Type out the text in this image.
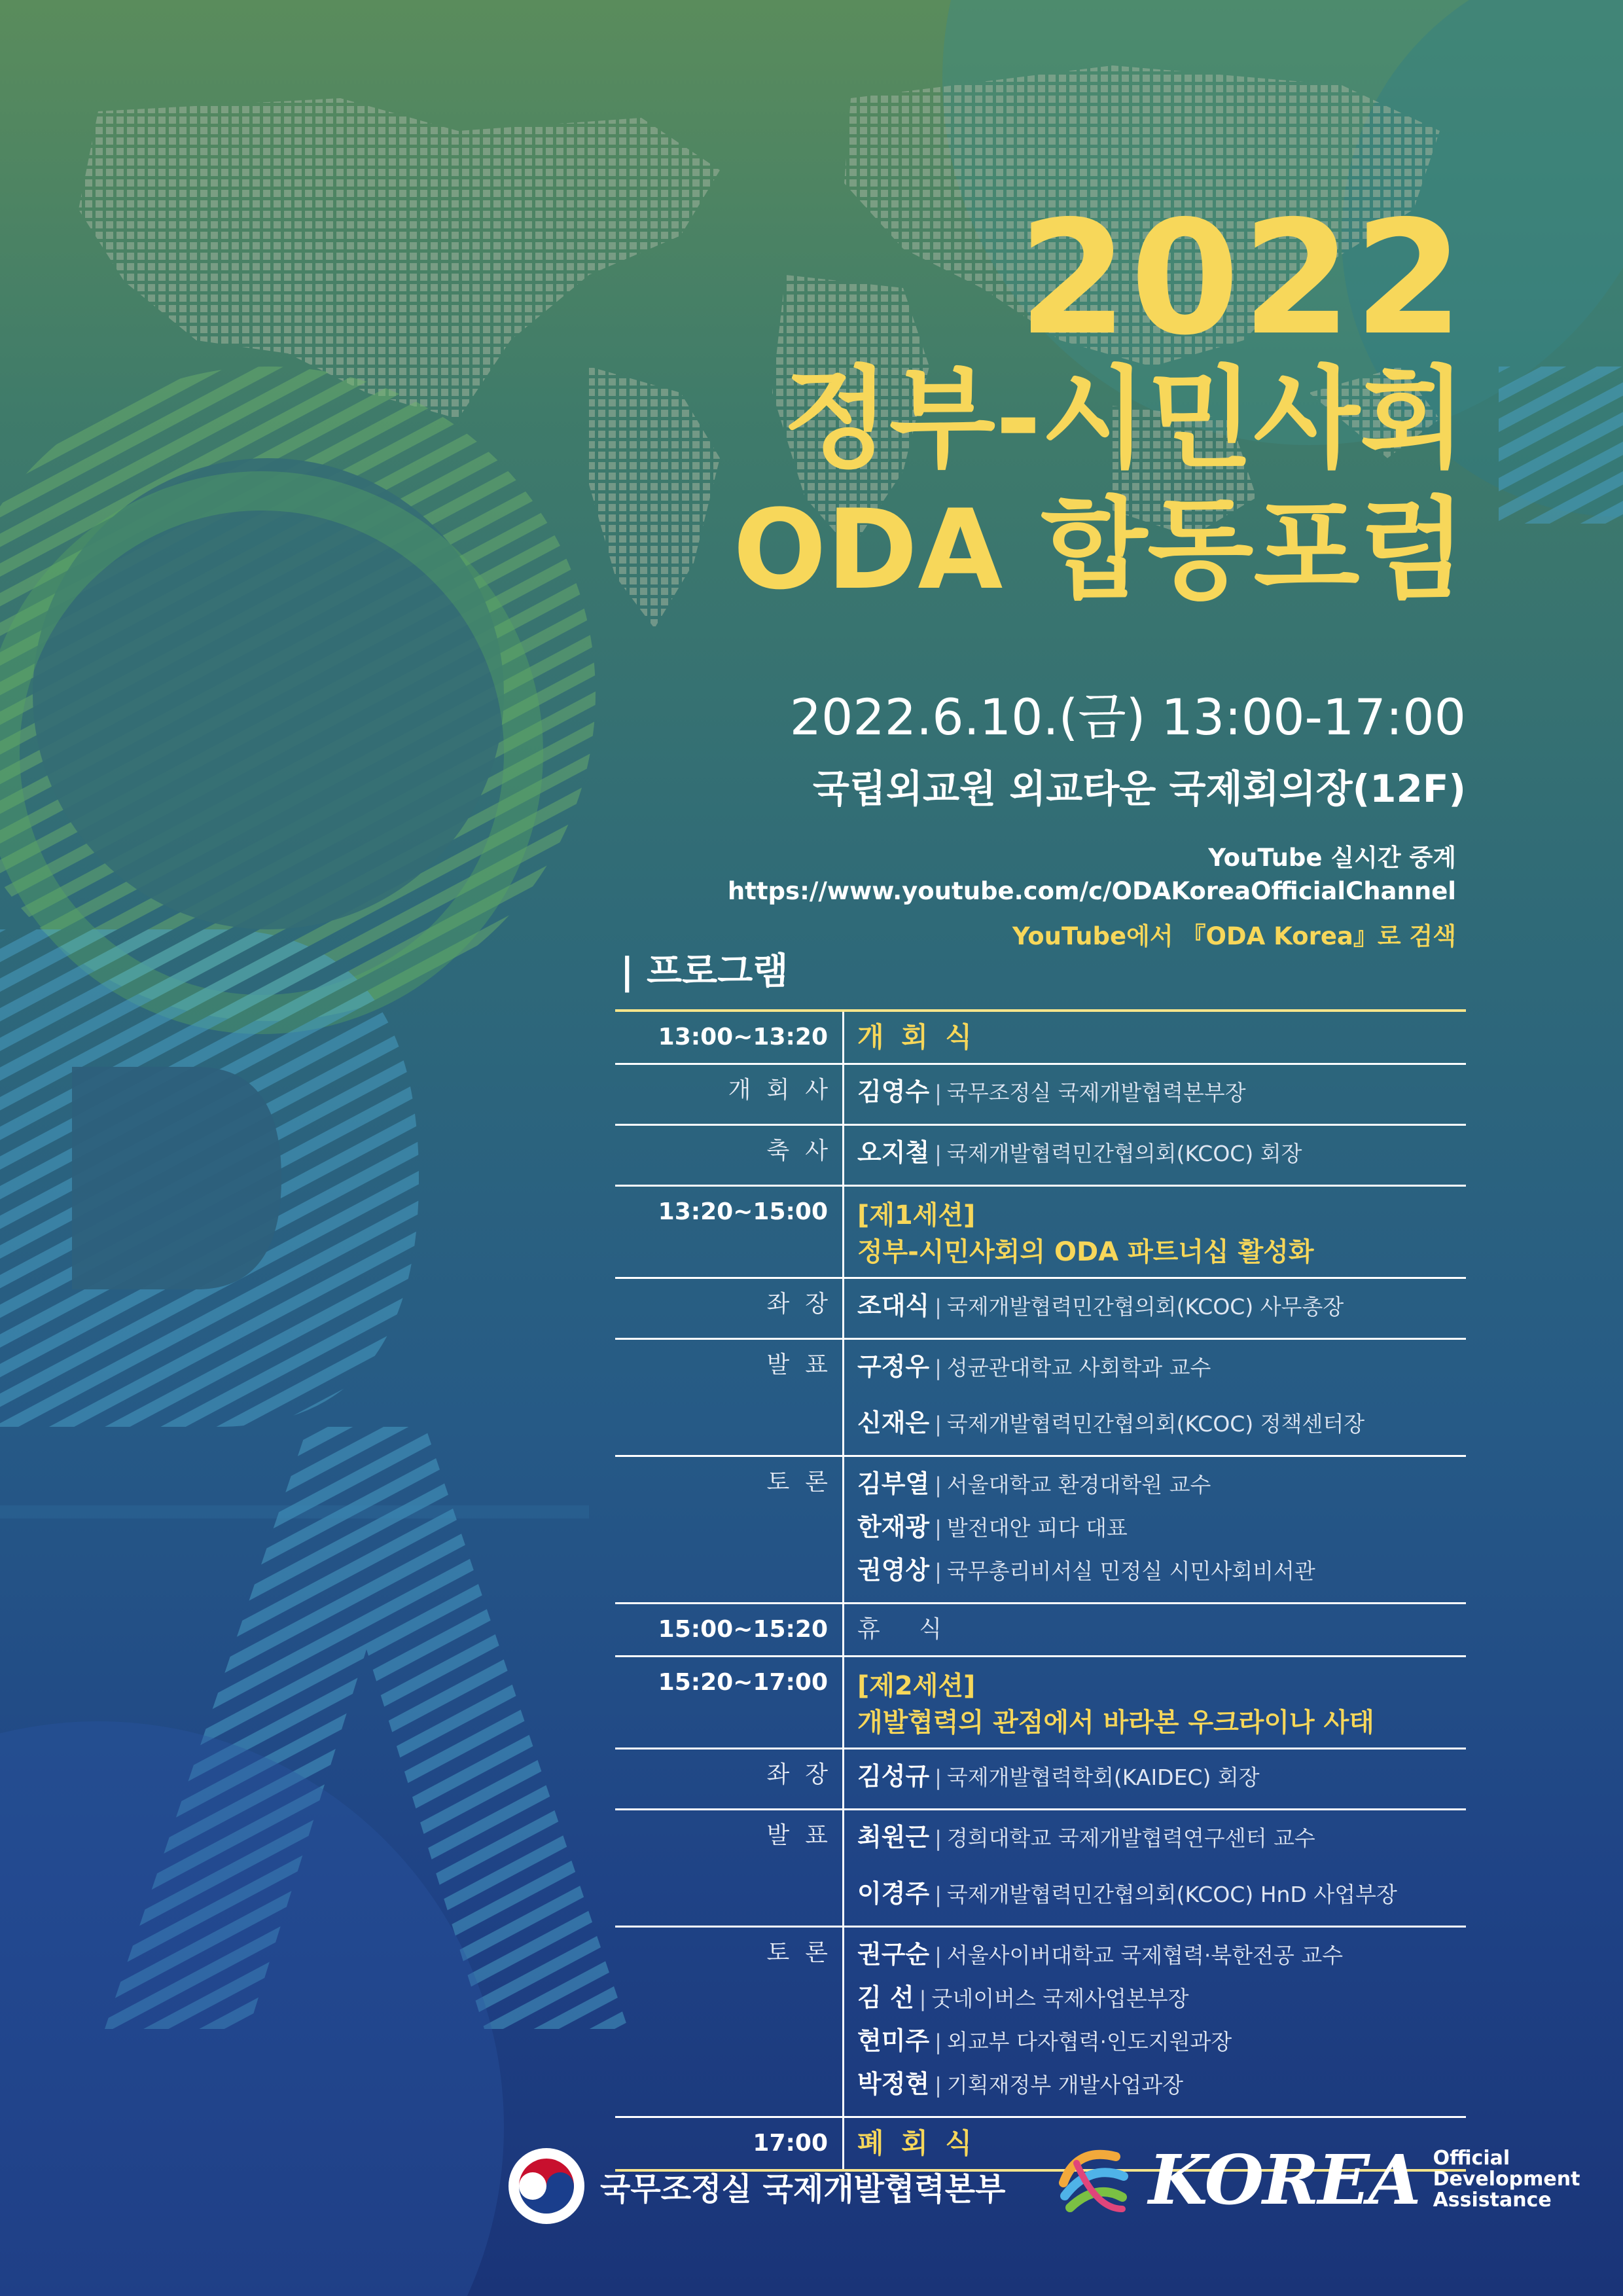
2022
정부-시민사회
ODA 합동포럼
2022.6.10.(금) 13:00-17:00
국립외교원 외교타운 국제회의장(12F)
YouTube 실시간 중계
https://www.youtube.com/c/ODAKoreaOfficialChannel
YouTube에서 『ODA Korea』로 검색
| 프로그램
13:00~13:20 개 회 식
개회사 김영수 | 국무조정실 국제개발협력본부장
축사 오지철 | 국제개발협력민간협의회(KCOC) 회장
13:20~15:00 [제1세션]
정부-시민사회의 ODA 파트너십 활성화
좌장 조대식 | 국제개발협력민간협의회(KCOC) 사무총장
발표 구정우 | 성균관대학교 사회학과 교수
신재은 | 국제개발협력민간협의회(KCOC) 정책센터장
토론 김부열 | 서울대학교 환경대학원 교수
한재광 | 발전대안 피다 대표
권영상 | 국무총리비서실 민정실 시민사회비서관
15:00~15:20 휴 식
15:20~17:00 [제2세션]
개발협력의 관점에서 바라본 우크라이나 사태
좌장 김성규 | 국제개발협력학회(KAIDEC) 회장
발표 최원근 | 경희대학교 국제개발협력연구센터 교수
이경주 | 국제개발협력민간협의회(KCOC) HnD 사업부장
토론 권구순 | 서울사이버대학교 국제협력·북한전공 교수
김 선 | 굿네이버스 국제사업본부장
현미주 | 외교부 다자협력·인도지원과장
박정현 | 기획재정부 개발사업과장
17:00 폐 회 식
국무조정실 국제개발협력본부 KOREA Official
Development
Assistance
